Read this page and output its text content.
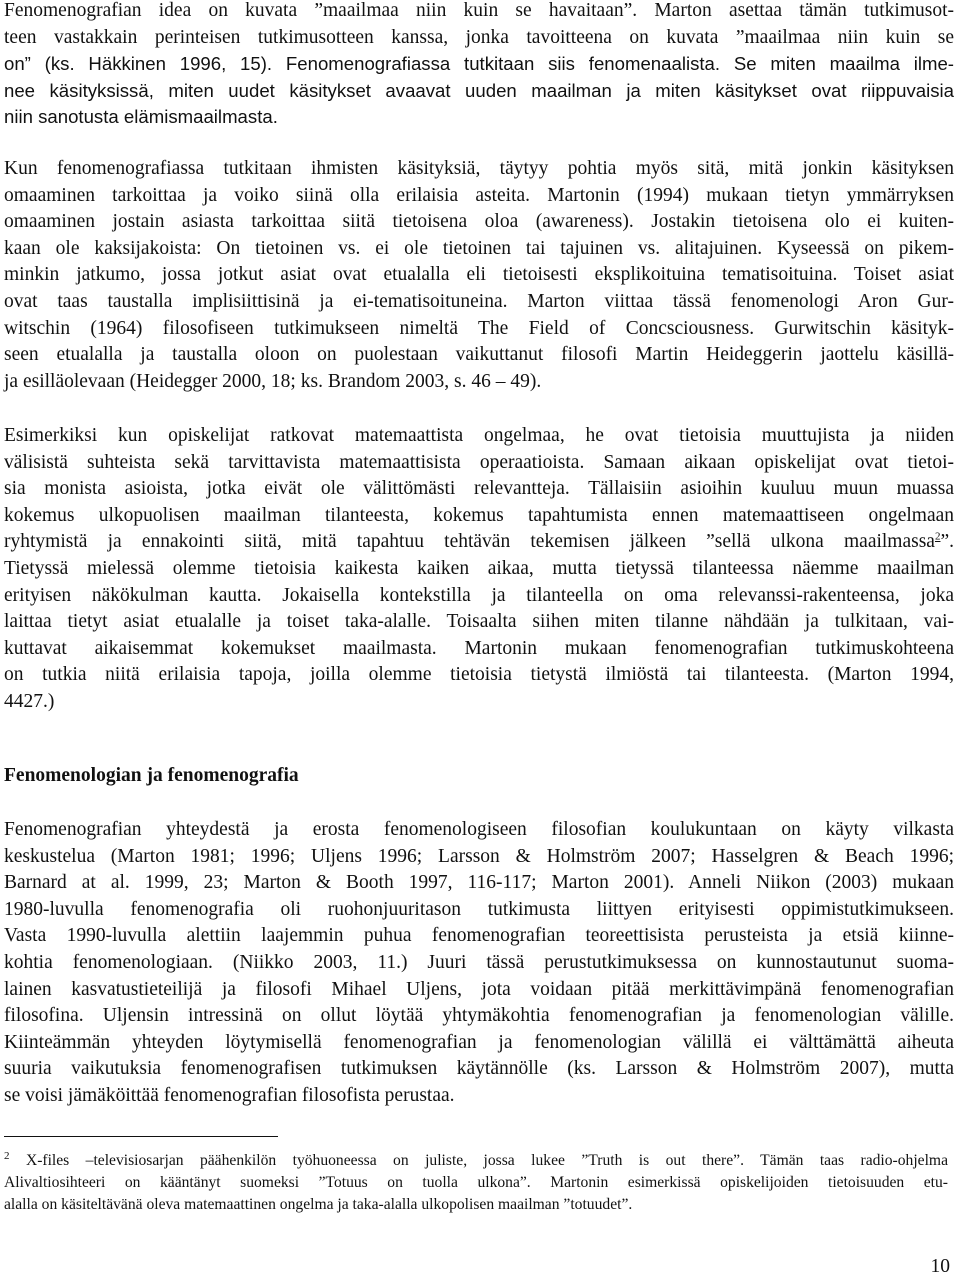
Fenomenografian idea on kuvata ”maailmaa niin kuin se havaitaan”. Marton asettaa tämän tutkimusot-
teen vastakkain perinteisen tutkimusotteen kanssa, jonka tavoitteena on kuvata ”maailmaa niin kuin se
on” (ks. Häkkinen 1996, 15). Fenomenografiassa tutkitaan siis fenomenaalista. Se miten maailma ilme-
nee käsityksissä, miten uudet käsitykset avaavat uuden maailman ja miten käsitykset ovat riippuvaisia
niin sanotusta elämismaailmasta.
Kun fenomenografiassa tutkitaan ihmisten käsityksiä, täytyy pohtia myös sitä, mitä jonkin käsityksen
omaaminen tarkoittaa ja voiko siinä olla erilaisia asteita. Martonin (1994) mukaan tietyn ymmärryksen
omaaminen jostain asiasta tarkoittaa siitä tietoisena oloa (awareness). Jostakin tietoisena olo ei kuiten-
kaan ole kaksijakoista: On tietoinen vs. ei ole tietoinen tai tajuinen vs. alitajuinen. Kyseessä on pikem-
minkin jatkumo, jossa jotkut asiat ovat etualalla eli tietoisesti eksplikoituina tematisoituina. Toiset asiat
ovat taas taustalla implisiittisinä ja ei-tematisoituneina. Marton viittaa tässä fenomenologi Aron Gur-
witschin (1964) filosofiseen tutkimukseen nimeltä The Field of Concsciousness. Gurwitschin käsityk-
seen etualalla ja taustalla oloon on puolestaan vaikuttanut filosofi Martin Heideggerin jaottelu käsillä-
ja esilläolevaan (Heidegger 2000, 18; ks. Brandom 2003, s. 46 – 49).
Esimerkiksi kun opiskelijat ratkovat matemaattista ongelmaa, he ovat tietoisia muuttujista ja niiden
välisistä suhteista sekä tarvittavista matemaattisista operaatioista. Samaan aikaan opiskelijat ovat tietoi-
sia monista asioista, jotka eivät ole välittömästi relevantteja. Tällaisiin asioihin kuuluu muun muassa
kokemus ulkopuolisen maailman tilanteesta, kokemus tapahtumista ennen matemaattiseen ongelmaan
ryhtymistä ja ennakointi siitä, mitä tapahtuu tehtävän tekemisen jälkeen ”sellä ulkona maailmassa$^2$”.
Tietyssä mielessä olemme tietoisia kaikesta kaiken aikaa, mutta tietyssä tilanteessa näemme maailman
erityisen näkökulman kautta. Jokaisella kontekstilla ja tilanteella on oma relevanssi-rakenteensa, joka
laittaa tietyt asiat etualalle ja toiset taka-alalle. Toisaalta siihen miten tilanne nähdään ja tulkitaan, vai-
kuttavat aikaisemmat kokemukset maailmasta. Martonin mukaan fenomenografian tutkimuskohteena
on tutkia niitä erilaisia tapoja, joilla olemme tietoisia tietystä ilmiöstä tai tilanteesta. (Marton 1994,
4427.)
Fenomenologian ja fenomenografia
Fenomenografian yhteydestä ja erosta fenomenologiseen filosofian koulukuntaan on käyty vilkasta
keskustelua (Marton 1981; 1996; Uljens 1996; Larsson & Holmström 2007; Hasselgren & Beach 1996;
Barnard at al. 1999, 23; Marton & Booth 1997, 116-117; Marton 2001). Anneli Niikon (2003) mukaan
1980-luvulla fenomenografia oli ruohonjuuritason tutkimusta liittyen erityisesti oppimistutkimukseen.
Vasta 1990-luvulla alettiin laajemmin puhua fenomenografian teoreettisista perusteista ja etsiä kiinne-
kohtia fenomenologiaan. (Niikko 2003, 11.) Juuri tässä perustutkimuksessa on kunnostautunut suoma-
lainen kasvatustieteilijä ja filosofi Mihael Uljens, jota voidaan pitää merkittävimpänä fenomenografian
filosofina. Uljensin intressinä on ollut löytää yhtymäkohtia fenomenografian ja fenomenologian välille.
Kiinteämmän yhteyden löytymisellä fenomenografian ja fenomenologian välillä ei välttämättä aiheuta
suuria vaikutuksia fenomenografisen tutkimuksen käytännölle (ks. Larsson & Holmström 2007), mutta
se voisi jämäköittää fenomenografian filosofista perustaa.
$^2$ X-files –televisiosarjan päähenkilön työhuoneessa on juliste, jossa lukee ”Truth is out there”. Tämän taas radio-ohjelma
Alivaltiosihteeri on kääntänyt suomeksi ”Totuus on tuolla ulkona”. Martonin esimerkissä opiskelijoiden tietoisuuden etu-
alalla on käsiteltävänä oleva matemaattinen ongelma ja taka-alalla ulkopolisen maailman ”totuudet”.
10
